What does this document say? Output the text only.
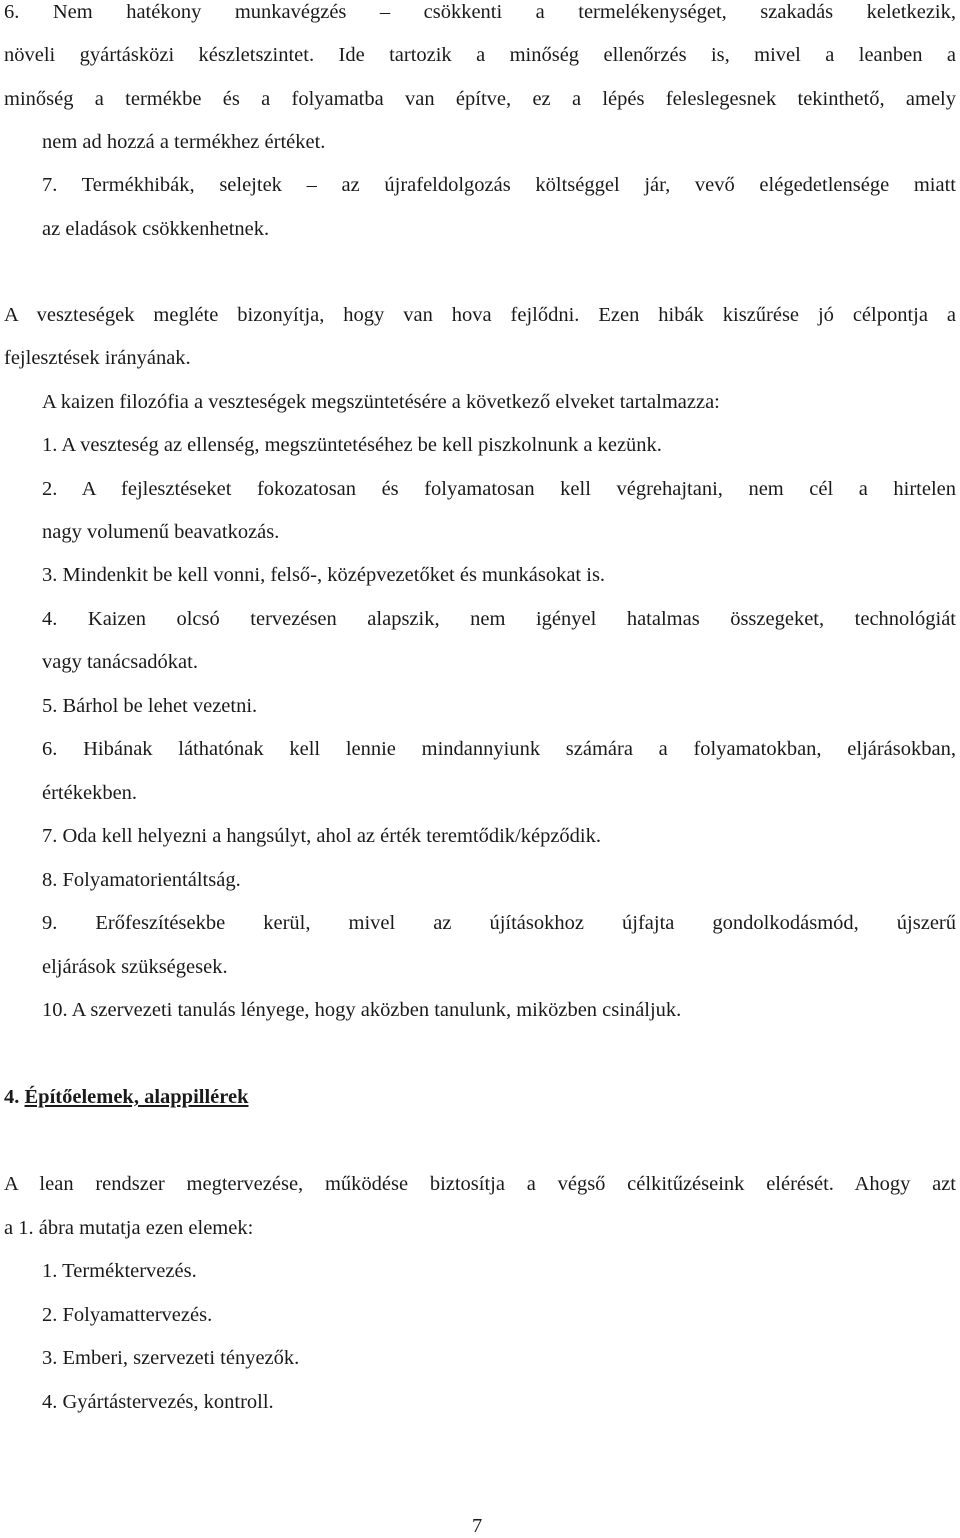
6. Nem hatékony munkavégzés – csökkenti a termelékenységet, szakadás keletkezik,
növeli gyártásközi készletszintet. Ide tartozik a minőség ellenőrzés is, mivel a leanben a
minőség a termékbe és a folyamatba van építve, ez a lépés feleslegesnek tekinthető, amely
nem ad hozzá a termékhez értéket.
7. Termékhibák, selejtek – az újrafeldolgozás költséggel jár, vevő elégedetlensége miatt
az eladások csökkenhetnek.
A veszteségek megléte bizonyítja, hogy van hova fejlődni. Ezen hibák kiszűrése jó célpontja a
fejlesztések irányának.
A kaizen filozófia a veszteségek megszüntetésére a következő elveket tartalmazza:
1. A veszteség az ellenség, megszüntetéséhez be kell piszkolnunk a kezünk.
2. A fejlesztéseket fokozatosan és folyamatosan kell végrehajtani, nem cél a hirtelen
nagy volumenű beavatkozás.
3. Mindenkit be kell vonni, felső-, középvezetőket és munkásokat is.
4. Kaizen olcsó tervezésen alapszik, nem igényel hatalmas összegeket, technológiát
vagy tanácsadókat.
5. Bárhol be lehet vezetni.
6. Hibának láthatónak kell lennie mindannyiunk számára a folyamatokban, eljárásokban,
értékekben.
7. Oda kell helyezni a hangsúlyt, ahol az érték teremtődik/képződik.
8. Folyamatorientáltság.
9. Erőfeszítésekbe kerül, mivel az újításokhoz újfajta gondolkodásmód, újszerű
eljárások szükségesek.
10. A szervezeti tanulás lényege, hogy aközben tanulunk, miközben csináljuk.
4. Építőelemek, alappillérek
A lean rendszer megtervezése, működése biztosítja a végső célkitűzéseink elérését. Ahogy azt
a 1. ábra mutatja ezen elemek:
1. Terméktervezés.
2. Folyamattervezés.
3. Emberi, szervezeti tényezők.
4. Gyártástervezés, kontroll.
7
